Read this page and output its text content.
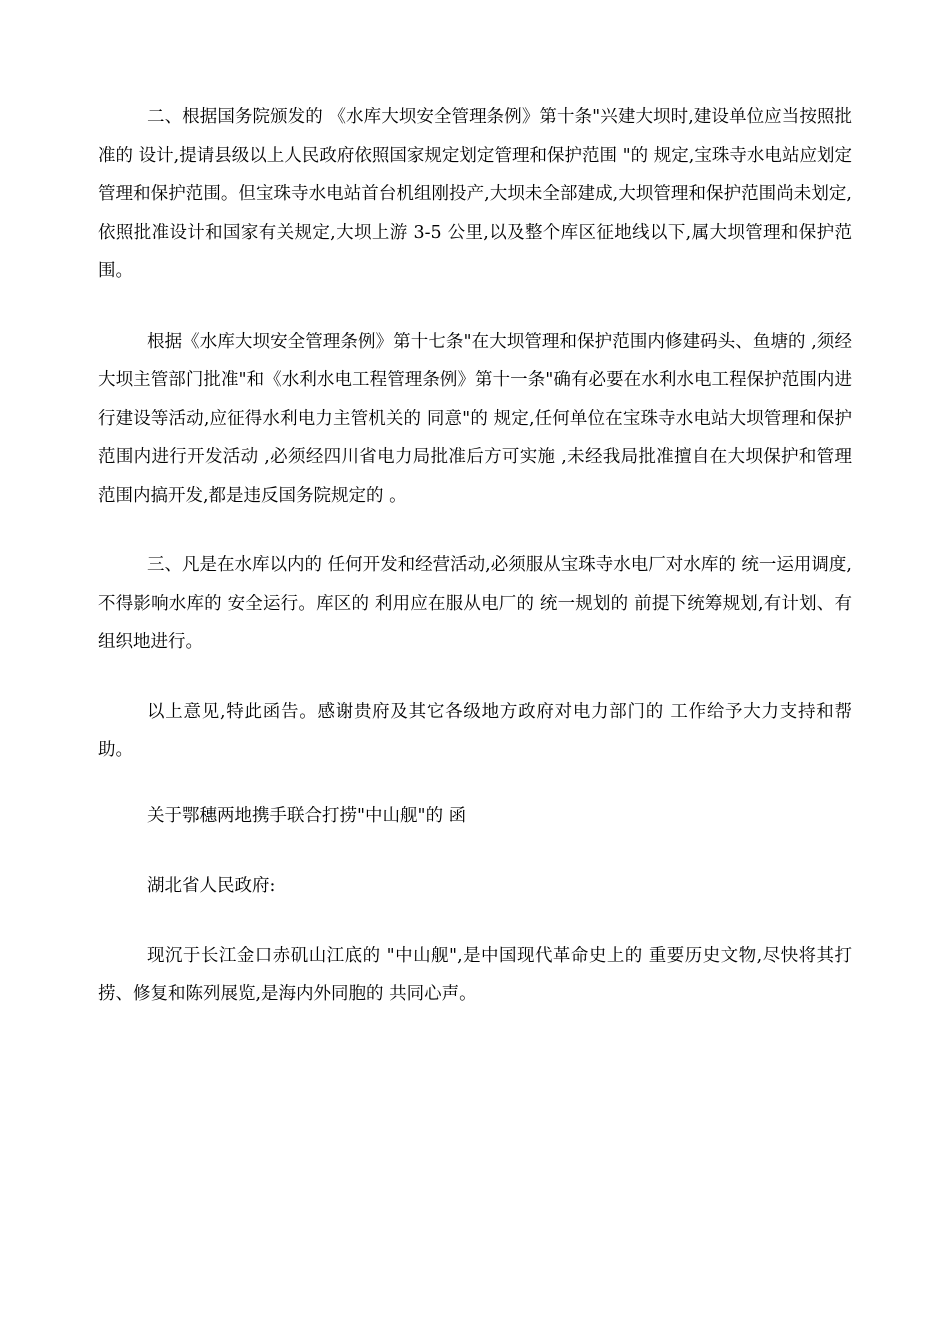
二、根据国务院颁发的 《水库大坝安全管理条例》第十条"兴建大坝时,建设单位应当按照批准的 设计,提请县级以上人民政府依照国家规定划定管理和保护范围 "的 规定,宝珠寺水电站应划定管理和保护范围。但宝珠寺水电站首台机组刚投产,大坝未全部建成,大坝管理和保护范围尚未划定,依照批准设计和国家有关规定,大坝上游 3-5 公里,以及整个库区征地线以下,属大坝管理和保护范围。

根据《水库大坝安全管理条例》第十七条"在大坝管理和保护范围内修建码头、鱼塘的 ,须经大坝主管部门批准"和《水利水电工程管理条例》第十一条"确有必要在水利水电工程保护范围内进行建设等活动,应征得水利电力主管机关的 同意"的 规定,任何单位在宝珠寺水电站大坝管理和保护范围内进行开发活动 ,必须经四川省电力局批准后方可实施 ,未经我局批准擅自在大坝保护和管理范围内搞开发,都是违反国务院规定的 。

三、凡是在水库以内的 任何开发和经营活动,必须服从宝珠寺水电厂对水库的 统一运用调度,不得影响水库的 安全运行。库区的 利用应在服从电厂的 统一规划的 前提下统筹规划,有计划、有组织地进行。

以上意见,特此函告。感谢贵府及其它各级地方政府对电力部门的 工作给予大力支持和帮助。

关于鄂穗两地携手联合打捞"中山舰"的 函

湖北省人民政府:

现沉于长江金口赤矶山江底的 "中山舰",是中国现代革命史上的 重要历史文物,尽快将其打捞、修复和陈列展览,是海内外同胞的 共同心声。
